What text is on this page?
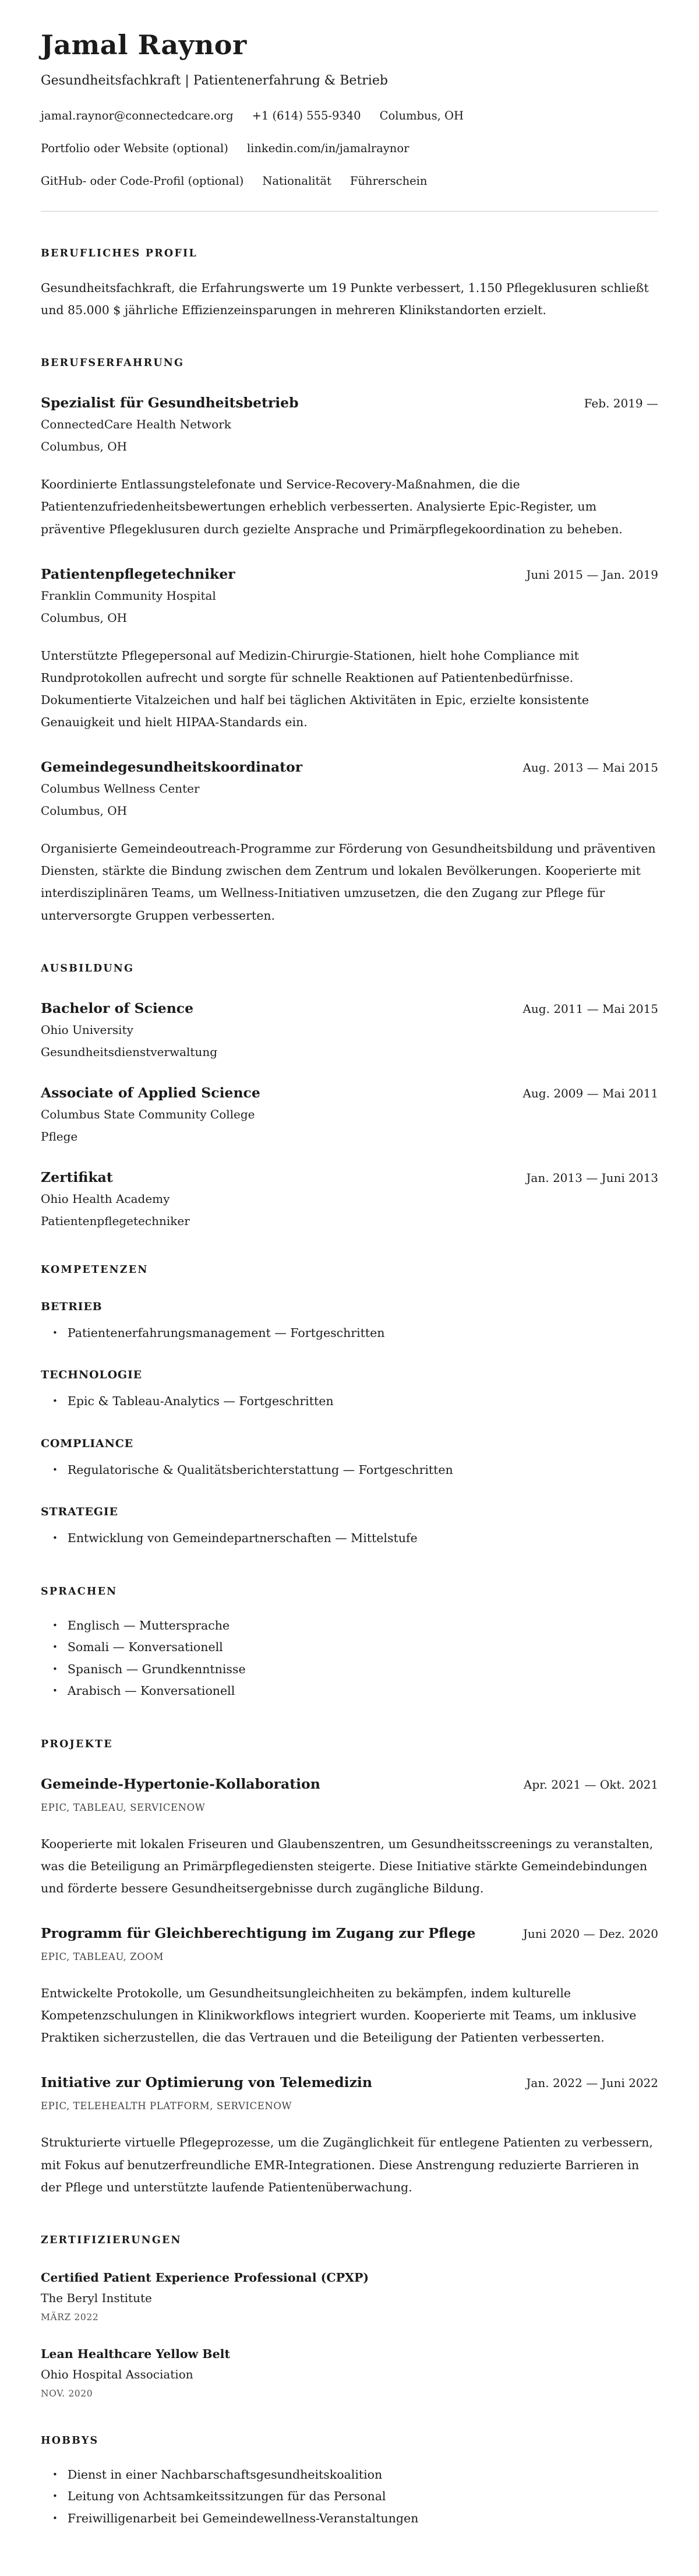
Jamal Raynor

Gesundheitsfachkraft | Patientenerfahrung & Betrieb

jamal.raynor@connectedcare.org +1 (614) 555-9340 Columbus, OH
Portfolio oder Website (optional) linkedin.com/in/jamalraynor
GitHub- oder Code-Profil (optional) Nationalität Führerschein
BERUFLICHES PROFIL

Gesundheitsfachkraft, die Erfahrungswerte um 19 Punkte verbessert, 1.150 Pflegeklusuren schließt und 85.000 $ jährliche Effizienzeinsparungen in mehreren Klinikstandorten erzielt.

BERUFSERFAHRUNG
Spezialist für Gesundheitsbetrieb	Feb. 2019 —
ConnectedCare Health Network
Columbus, OH

Koordinierte Entlassungstelefonate und Service-Recovery-Maßnahmen, die die Patientenzufriedenheitsbewertungen erheblich verbesserten. Analysierte Epic-Register, um präventive Pflegeklusuren durch gezielte Ansprache und Primärpflegekoordination zu beheben.

Patientenpflegetechniker	Juni 2015 — Jan. 2019
Franklin Community Hospital
Columbus, OH

Unterstützte Pflegepersonal auf Medizin-Chirurgie-Stationen, hielt hohe Compliance mit Rundprotokollen aufrecht und sorgte für schnelle Reaktionen auf Patientenbedürfnisse. Dokumentierte Vitalzeichen und half bei täglichen Aktivitäten in Epic, erzielte konsistente Genauigkeit und hielt HIPAA-Standards ein.

Gemeindegesundheitskoordinator	Aug. 2013 — Mai 2015
Columbus Wellness Center
Columbus, OH

Organisierte Gemeindeoutreach-Programme zur Förderung von Gesundheitsbildung und präventiven Diensten, stärkte die Bindung zwischen dem Zentrum und lokalen Bevölkerungen. Kooperierte mit interdisziplinären Teams, um Wellness-Initiativen umzusetzen, die den Zugang zur Pflege für unterversorgte Gruppen verbesserten.

AUSBILDUNG
Bachelor of Science	Aug. 2011 — Mai 2015
Ohio University
Gesundheitsdienstverwaltung
Associate of Applied Science	Aug. 2009 — Mai 2011
Columbus State Community College
Pflege
Zertifikat	Jan. 2013 — Juni 2013
Ohio Health Academy
Patientenpflegetechniker
KOMPETENZEN
BETRIEB
• Patientenerfahrungsmanagement — Fortgeschritten
TECHNOLOGIE
• Epic & Tableau-Analytics — Fortgeschritten
COMPLIANCE
• Regulatorische & Qualitätsberichterstattung — Fortgeschritten
STRATEGIE
• Entwicklung von Gemeindepartnerschaften — Mittelstufe
SPRACHEN
• Englisch — Muttersprache
• Somali — Konversationell
• Spanisch — Grundkenntnisse
• Arabisch — Konversationell
PROJEKTE
Gemeinde-Hypertonie-Kollaboration	Apr. 2021 — Okt. 2021
EPIC, TABLEAU, SERVICENOW

Kooperierte mit lokalen Friseuren und Glaubenszentren, um Gesundheitsscreenings zu veranstalten, was die Beteiligung an Primärpflegediensten steigerte. Diese Initiative stärkte Gemeindebindungen und förderte bessere Gesundheitsergebnisse durch zugängliche Bildung.

Programm für Gleichberechtigung im Zugang zur Pflege	Juni 2020 — Dez. 2020
EPIC, TABLEAU, ZOOM

Entwickelte Protokolle, um Gesundheitsungleichheiten zu bekämpfen, indem kulturelle Kompetenzschulungen in Klinikworkflows integriert wurden. Kooperierte mit Teams, um inklusive Praktiken sicherzustellen, die das Vertrauen und die Beteiligung der Patienten verbesserten.

Initiative zur Optimierung von Telemedizin	Jan. 2022 — Juni 2022
EPIC, TELEHEALTH PLATFORM, SERVICENOW

Strukturierte virtuelle Pflegeprozesse, um die Zugänglichkeit für entlegene Patienten zu verbessern, mit Fokus auf benutzerfreundliche EMR-Integrationen. Diese Anstrengung reduzierte Barrieren in der Pflege und unterstützte laufende Patientenüberwachung.

ZERTIFIZIERUNGEN
Certified Patient Experience Professional (CPXP)
The Beryl Institute
MÄRZ 2022
Lean Healthcare Yellow Belt
Ohio Hospital Association
NOV. 2020
HOBBYS
• Dienst in einer Nachbarschaftsgesundheitskoalition
• Leitung von Achtsamkeitssitzungen für das Personal
• Freiwilligenarbeit bei Gemeindewellness-Veranstaltungen
